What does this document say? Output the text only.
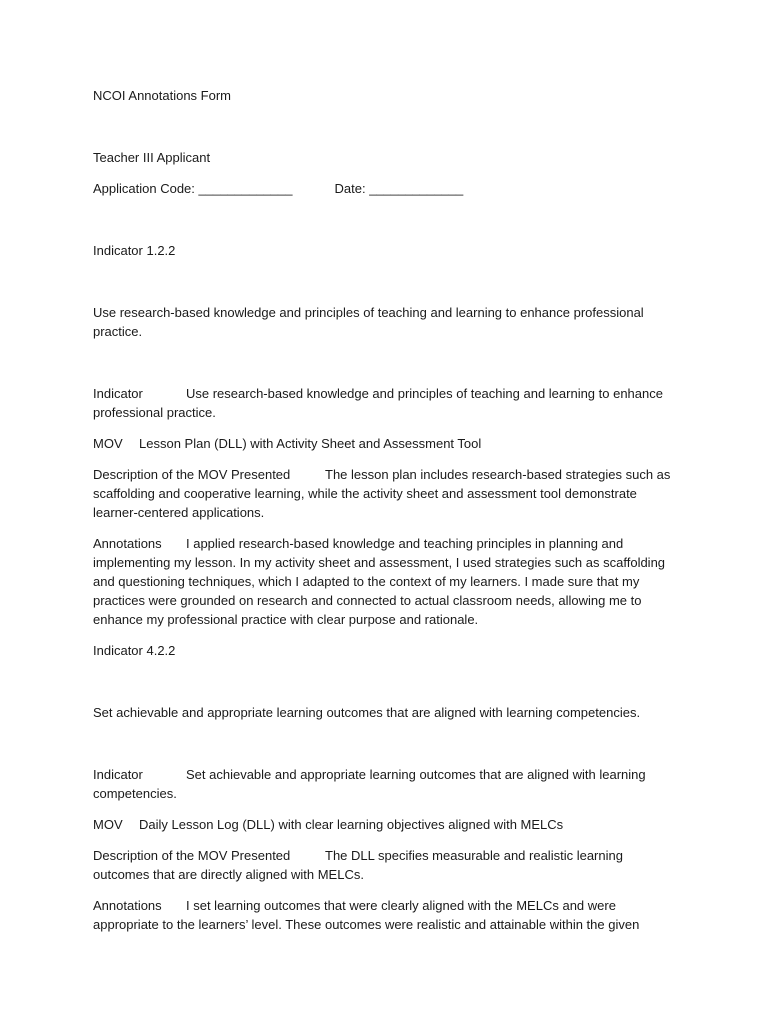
NCOI Annotations Form

Teacher III Applicant

Application Code: _____________	Date: _____________

Indicator 1.2.2

Use research-based knowledge and principles of teaching and learning to enhance professional practice.

Indicator	Use research-based knowledge and principles of teaching and learning to enhance professional practice.

MOV Lesson Plan (DLL) with Activity Sheet and Assessment Tool

Description of the MOV Presented	The lesson plan includes research-based strategies such as scaffolding and cooperative learning, while the activity sheet and assessment tool demonstrate learner-centered applications.

Annotations I applied research-based knowledge and teaching principles in planning and implementing my lesson. In my activity sheet and assessment, I used strategies such as scaffolding and questioning techniques, which I adapted to the context of my learners. I made sure that my practices were grounded on research and connected to actual classroom needs, allowing me to enhance my professional practice with clear purpose and rationale.

Indicator 4.2.2

Set achievable and appropriate learning outcomes that are aligned with learning competencies.

Indicator	Set achievable and appropriate learning outcomes that are aligned with learning competencies.

MOV Daily Lesson Log (DLL) with clear learning objectives aligned with MELCs

Description of the MOV Presented	The DLL specifies measurable and realistic learning outcomes that are directly aligned with MELCs.

Annotations I set learning outcomes that were clearly aligned with the MELCs and were appropriate to the learners’ level. These outcomes were realistic and attainable within the given
